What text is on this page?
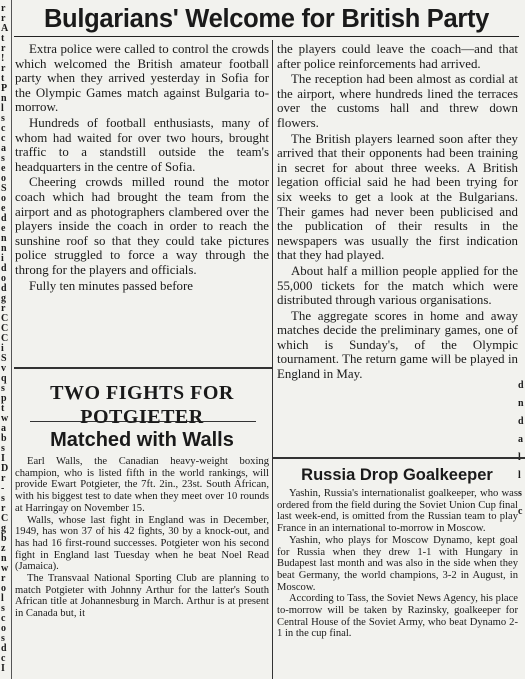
r
r
A
t
r
!
r
t
P
n
l
s
c
c
a
s
e
o
S
o
e
d
e
n
n
i
d
o
d
g
r
C
C
C
i
S
v
q
s
p
t
w
a
b
s
I
D
r
-
s
r
C
g
b
z
n
w
r
o
l
s
c
o
s
d
c
I
d
n
d
a
l
s
c
Bulgarians' Welcome for British Party

Extra police were called to control the crowds which welcomed the British amateur football party when they arrived yesterday in Sofia for the Olympic Games match against Bulgaria to-morrow.

Hundreds of football enthusiasts, many of whom had waited for over two hours, brought traffic to a standstill outside the team's headquarters in the centre of Sofia.

Cheering crowds milled round the motor coach which had brought the team from the airport and as photographers clambered over the players inside the coach in order to reach the sunshine roof so that they could take pictures police struggled to force a way through the throng for the players and officials.

Fully ten minutes passed before

the players could leave the coach—and that after police reinforcements had arrived.

The reception had been almost as cordial at the airport, where hundreds lined the terraces over the customs hall and threw down flowers.

The British players learned soon after they arrived that their opponents had been training in secret for about three weeks. A British legation official said he had been trying for six weeks to get a look at the Bulgarians. Their games had never been publicised and the publication of their results in the newspapers was usually the first indication that they had played.

About half a million people applied for the 55,000 tickets for the match which were distributed through various organisations.

The aggregate scores in home and away matches decide the preliminary games, one of which is Sunday's, of the Olympic tournament. The return game will be played in England in May.

TWO FIGHTS FOR POTGIETER
Matched with Walls

Earl Walls, the Canadian heavy-weight boxing champion, who is listed fifth in the world rankings, will provide Ewart Potgieter, the 7ft. 2in., 23st. South African, with his biggest test to date when they meet over 10 rounds at Harringay on November 15.

Walls, whose last fight in England was in December, 1949, has won 37 of his 42 fights, 30 by a knock-out, and has had 16 first-round successes. Potgieter won his second fight in England last Tuesday when he beat Noel Read (Jamaica).

The Transvaal National Sporting Club are planning to match Potgieter with Johnny Arthur for the latter's South African title at Johannesburg in March. Arthur is at present in Canada but, it

Russia Drop Goalkeeper

Yashin, Russia's internationalist goalkeeper, who was ordered from the field during the Soviet Union Cup final last week-end, is omitted from the Russian team to play France in an international to-morrow in Moscow.

Yashin, who plays for Moscow Dynamo, kept goal for Russia when they drew 1-1 with Hungary in Budapest last month and was also in the side when they beat Germany, the world champions, 3-2 in August, in Moscow.

According to Tass, the Soviet News Agency, his place to-morrow will be taken by Razinsky, goalkeeper for Central House of the Soviet Army, who beat Dynamo 2-1 in the cup final.
